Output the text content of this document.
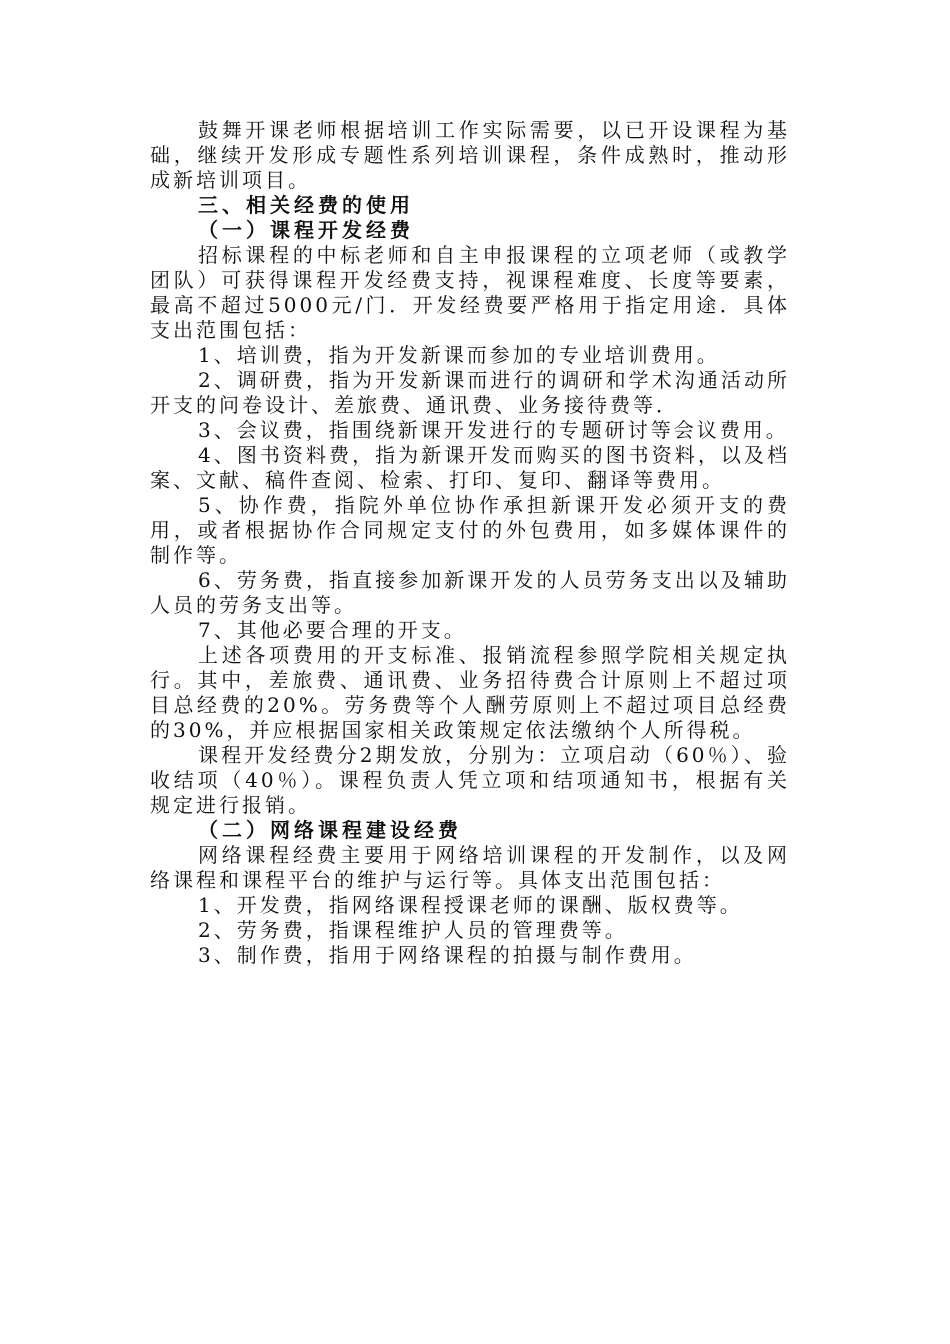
鼓舞开课老师根据培训工作实际需要，以已开设课程为基础，继续开发形成专题性系列培训课程，条件成熟时，推动形成新培训项目。

三、相关经费的使用

（一）课程开发经费

招标课程的中标老师和自主申报课程的立项老师（或教学团队）可获得课程开发经费支持，视课程难度、长度等要素，最高不超过5000元/门．开发经费要严格用于指定用途．具体支出范围包括：

1、培训费，指为开发新课而参加的专业培训费用。

2、调研费，指为开发新课而进行的调研和学术沟通活动所开支的问卷设计、差旅费、通讯费、业务接待费等．

3、会议费，指围绕新课开发进行的专题研讨等会议费用。

4、图书资料费，指为新课开发而购买的图书资料，以及档案、文献、稿件查阅、检索、打印、复印、翻译等费用。

5、协作费，指院外单位协作承担新课开发必须开支的费用，或者根据协作合同规定支付的外包费用，如多媒体课件的制作等。

6、劳务费，指直接参加新课开发的人员劳务支出以及辅助人员的劳务支出等。

7、其他必要合理的开支。

上述各项费用的开支标准、报销流程参照学院相关规定执行。其中，差旅费、通讯费、业务招待费合计原则上不超过项目总经费的20%。劳务费等个人酬劳原则上不超过项目总经费的30%，并应根据国家相关政策规定依法缴纳个人所得税。

课程开发经费分2期发放，分别为：立项启动（60％）、验收结项（40％）。课程负责人凭立项和结项通知书，根据有关规定进行报销。

（二）网络课程建设经费

网络课程经费主要用于网络培训课程的开发制作，以及网络课程和课程平台的维护与运行等。具体支出范围包括：

1、开发费，指网络课程授课老师的课酬、版权费等。

2、劳务费，指课程维护人员的管理费等。

3、制作费，指用于网络课程的拍摄与制作费用。
